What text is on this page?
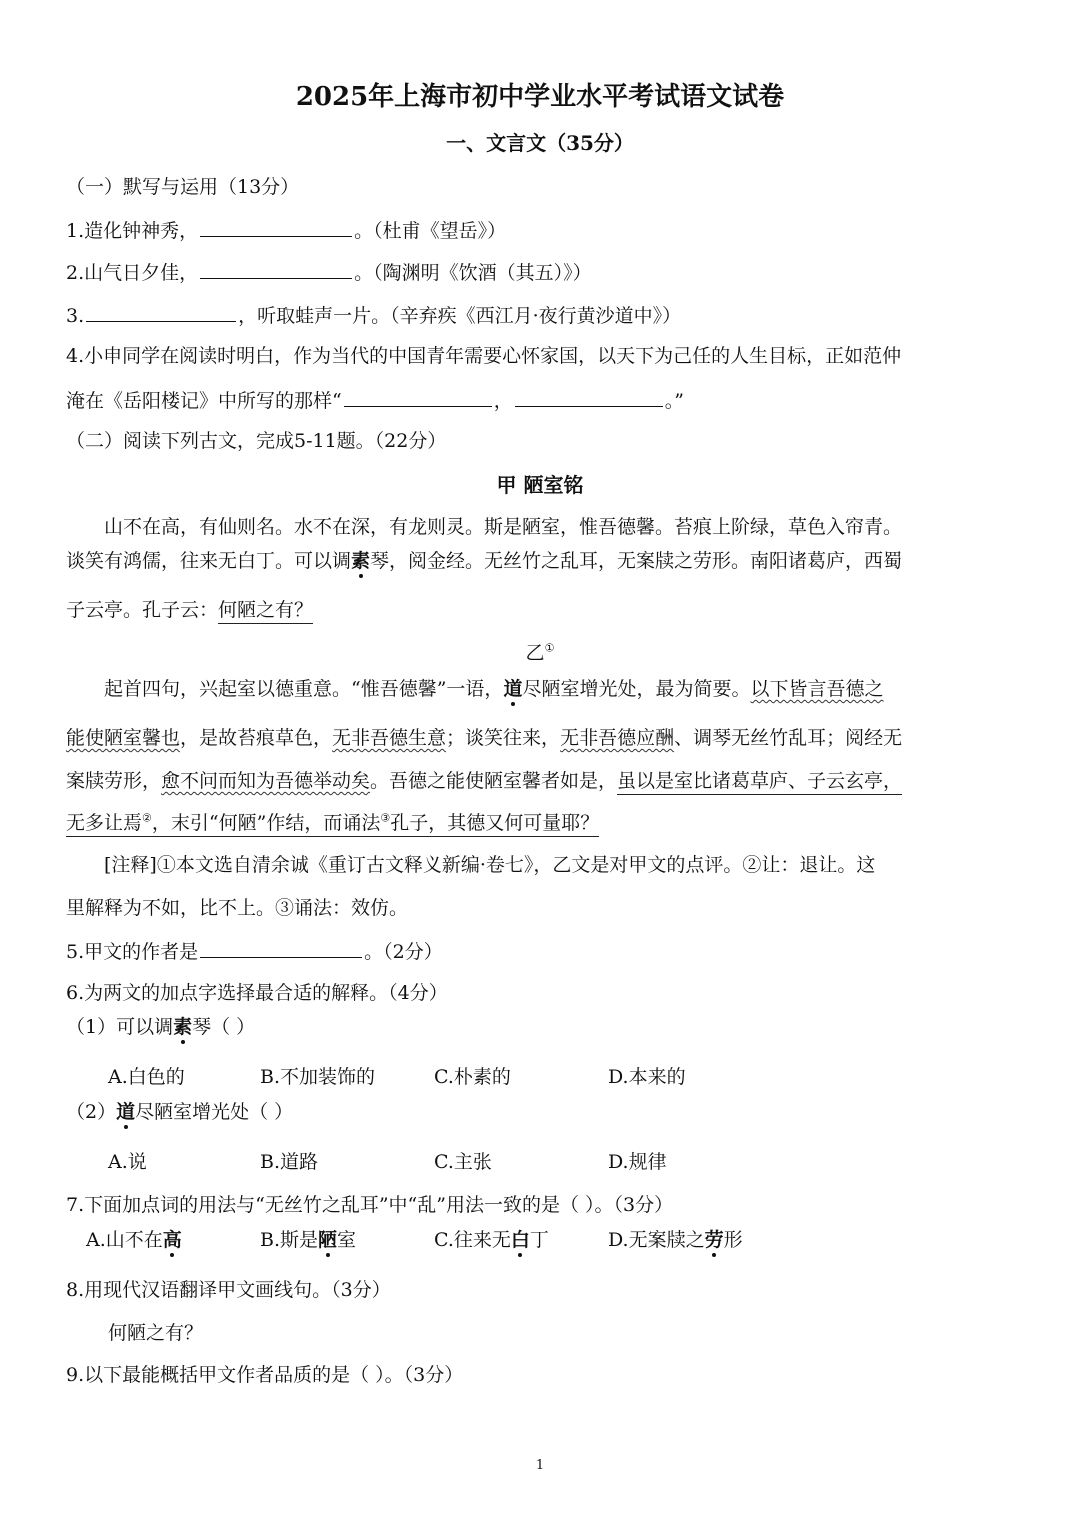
2025年上海市初中学业水平考试语文试卷
一、文言文（35分）
（一）默写与运用（13分）
1.造化钟神秀，	。（杜甫《望岳》）
2.山气日夕佳，	。（陶渊明《饮酒（其五）》）
3.	，听取蛙声一片。（辛弃疾《西江月·夜行黄沙道中》）
4.小申同学在阅读时明白，作为当代的中国青年需要心怀家国，以天下为己任的人生目标，正如范仲
淹在《岳阳楼记》中所写的那样“	，	。”
（二）阅读下列古文，完成5-11题。（22分）
甲 陋室铭
山不在高，有仙则名。水不在深，有龙则灵。斯是陋室，惟吾德馨。苔痕上阶绿，草色入帘青。
谈笑有鸿儒，往来无白丁。可以调素琴，阅金经。无丝竹之乱耳，无案牍之劳形。南阳诸葛庐，西蜀
子云亭。孔子云：何陋之有？
乙①
起首四句，兴起室以德重意。“惟吾德馨”一语，道尽陋室增光处，最为简要。以下皆言吾德之
能使陋室馨也，是故苔痕草色，无非吾德生意；谈笑往来，无非吾德应酬、调琴无丝竹乱耳；阅经无
案牍劳形，愈不问而知为吾德举动矣。吾德之能使陋室馨者如是，虽以是室比诸葛草庐、子云玄亭，
无多让焉②，末引“何陋”作结，而诵法③孔子，其德又何可量耶？
[注释]①本文选自清余诚《重订古文释义新编·卷七》，乙文是对甲文的点评。②让：退让。这
里解释为不如，比不上。③诵法：效仿。
5.甲文的作者是	。（2分）
6.为两文的加点字选择最合适的解释。（4分）
（1）可以调素琴（ ）
A.白色的	B.不加装饰的	C.朴素的	D.本来的
（2）道尽陋室增光处（ ）
A.说	B.道路	C.主张	D.规律
7.下面加点词的用法与“无丝竹之乱耳”中“乱”用法一致的是（ ）。（3分）
A.山不在高	B.斯是陋室	C.往来无白丁	D.无案牍之劳形
8.用现代汉语翻译甲文画线句。（3分）
何陋之有？
9.以下最能概括甲文作者品质的是（ ）。（3分）
1
